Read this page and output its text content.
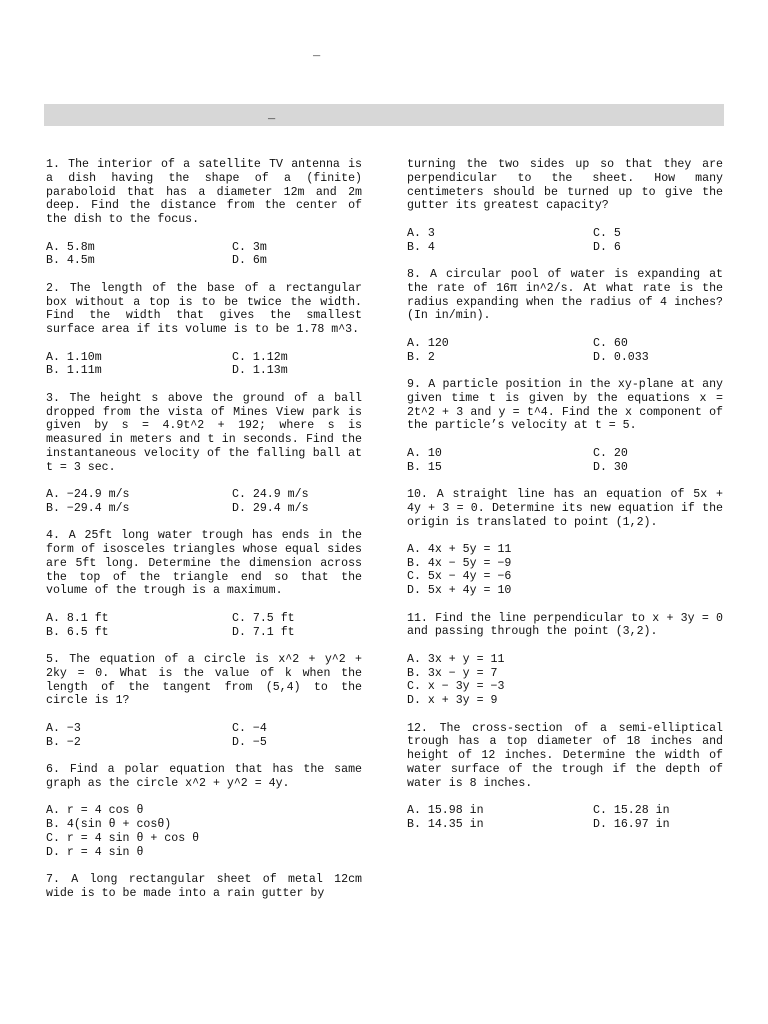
_
_
1. The interior of a satellite TV antenna is a dish having the shape of a (finite) paraboloid that has a diameter 12m and 2m deep. Find the distance from the center of the dish to the focus.
A. 5.8m	C. 3m
B. 4.5m	D. 6m
2. The length of the base of a rectangular box without a top is to be twice the width. Find the width that gives the smallest surface area if its volume is to be 1.78 m^3.
A. 1.10m	C. 1.12m
B. 1.11m	D. 1.13m
3. The height s above the ground of a ball dropped from the vista of Mines View park is given by s = 4.9t^2 + 192; where s is measured in meters and t in seconds. Find the instantaneous velocity of the falling ball at t = 3 sec.
A. −24.9 m/s	C. 24.9 m/s
B. −29.4 m/s	D. 29.4 m/s
4. A 25ft long water trough has ends in the form of isosceles triangles whose equal sides are 5ft long. Determine the dimension across the top of the triangle end so that the volume of the trough is a maximum.
A. 8.1 ft	C. 7.5 ft
B. 6.5 ft	D. 7.1 ft
5. The equation of a circle is x^2 + y^2 + 2ky = 0. What is the value of k when the length of the tangent from (5,4) to the circle is 1?
A. −3	C. −4
B. −2	D. −5
6. Find a polar equation that has the same graph as the circle x^2 + y^2 = 4y.
A. r = 4 cos θ
B. 4(sin θ + cosθ)
C. r = 4 sin θ + cos θ
D. r = 4 sin θ
7. A long rectangular sheet of metal 12cm wide is to be made into a rain gutter by
turning the two sides up so that they are perpendicular to the sheet. How many centimeters should be turned up to give the gutter its greatest capacity?
A. 3	C. 5
B. 4	D. 6
8. A circular pool of water is expanding at the rate of 16π in^2/s. At what rate is the radius expanding when the radius of 4 inches? (In in/min).
A. 120	C. 60
B. 2	D. 0.033
9. A particle position in the xy-plane at any given time t is given by the equations x = 2t^2 + 3 and y = t^4. Find the x component of the particle’s velocity at t = 5.
A. 10	C. 20
B. 15	D. 30
10. A straight line has an equation of 5x + 4y + 3 = 0. Determine its new equation if the origin is translated to point (1,2).
A. 4x + 5y = 11
B. 4x − 5y = −9
C. 5x − 4y = −6
D. 5x + 4y = 10
11. Find the line perpendicular to x + 3y = 0 and passing through the point (3,2).
A. 3x + y = 11
B. 3x − y = 7
C. x − 3y = −3
D. x + 3y = 9
12. The cross-section of a semi-elliptical trough has a top diameter of 18 inches and height of 12 inches. Determine the width of water surface of the trough if the depth of water is 8 inches.
A. 15.98 in	C. 15.28 in
B. 14.35 in	D. 16.97 in
